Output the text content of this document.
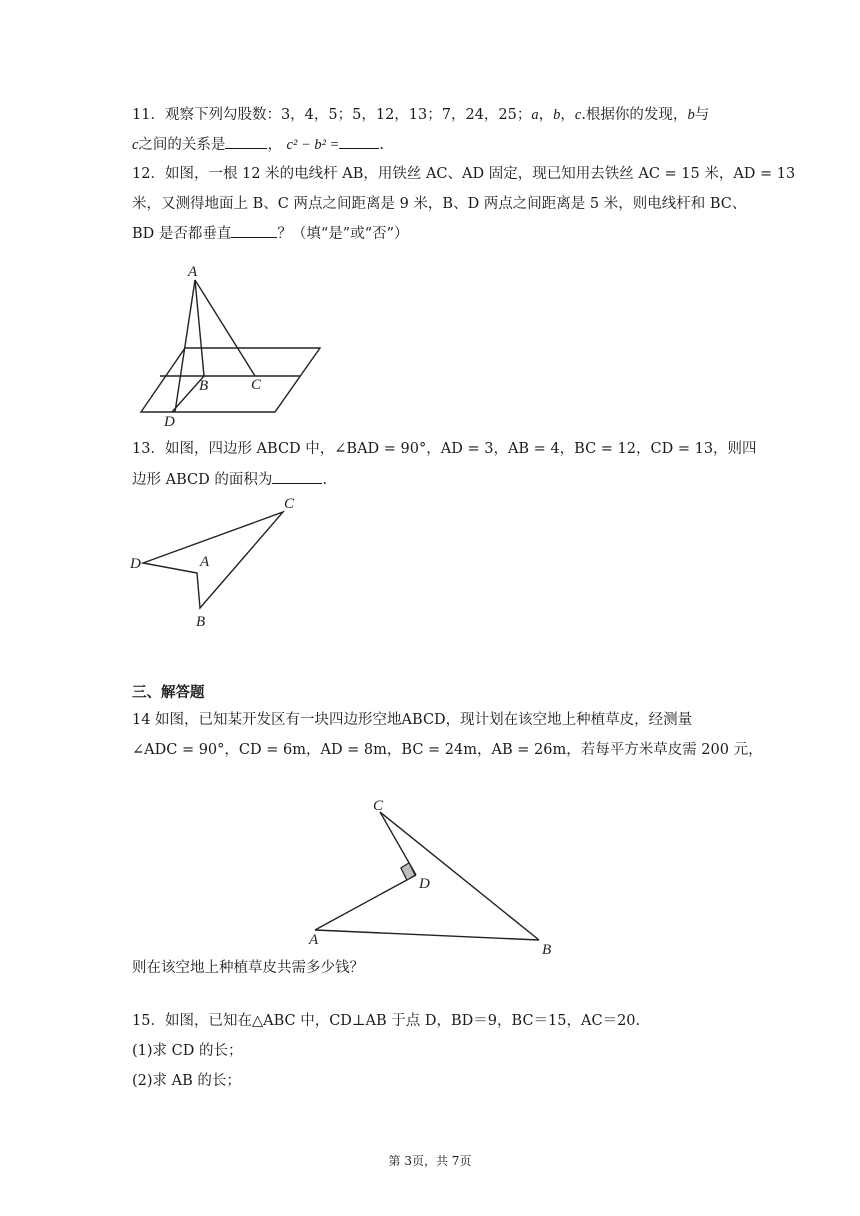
11．观察下列勾股数：3，4，5；5，12，13；7，24，25；a，b，c.根据你的发现，b与
c之间的关系是	， c² − b² =	.
12．如图，一根 12 米的电线杆 AB，用铁丝 AC、AD 固定，现已知用去铁丝 AC = 15 米，AD = 13
米，又测得地面上 B、C 两点之间距离是 9 米，B、D 两点之间距离是 5 米，则电线杆和 BC、
BD 是否都垂直	？（填“是”或“否”）
A
B	C
D
13．如图，四边形 ABCD 中，∠BAD = 90°，AD = 3，AB = 4，BC = 12，CD = 13，则四
边形 ABCD 的面积为	.
C
D	A
B
三、解答题
14 如图，已知某开发区有一块四边形空地ABCD，现计划在该空地上种植草皮，经测量
∠ADC = 90°，CD = 6m，AD = 8m，BC = 24m，AB = 26m，若每平方米草皮需 200 元，
C
D
A
B
则在该空地上种植草皮共需多少钱？
15．如图，已知在△ABC 中，CD⊥AB 于点 D，BD＝9，BC＝15，AC＝20.
(1)求 CD 的长；
(2)求 AB 的长；
第 3页，共 7页
